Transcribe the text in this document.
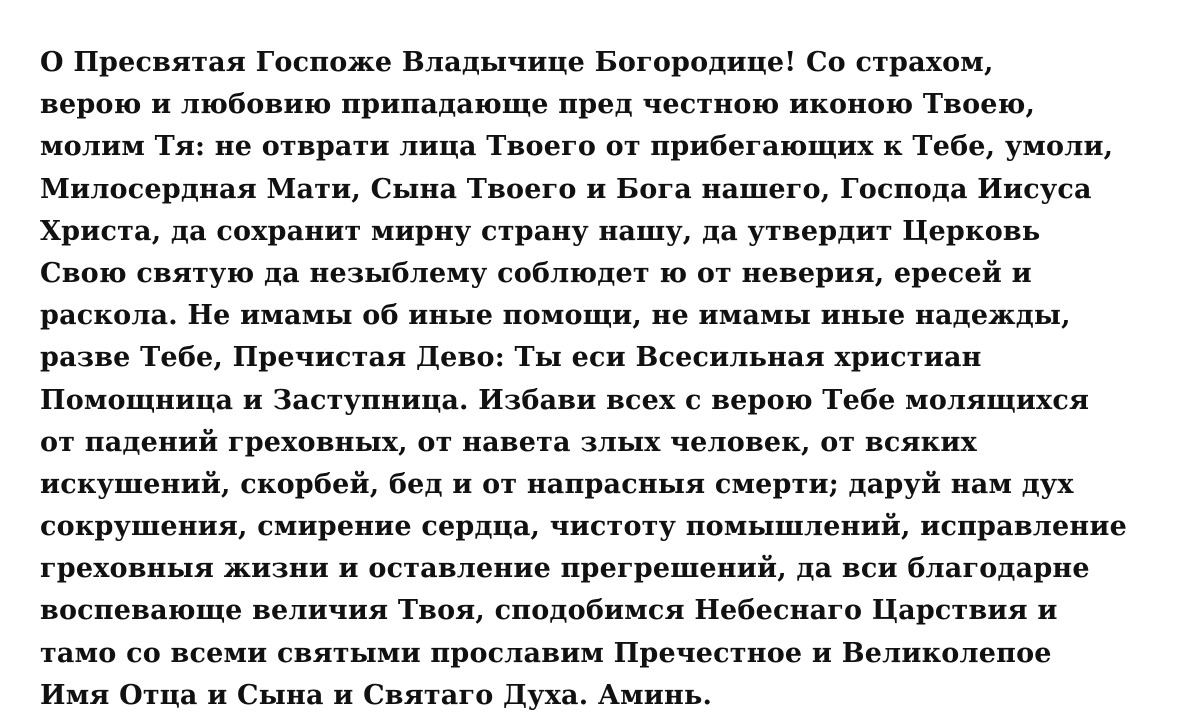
О Пресвятая Госпоже Владычице Богородице! Со страхом,
верою и любовию припадающе пред честною иконою Твоею,
молим Тя: не отврати лица Твоего от прибегающих к Тебе, умоли,
Милосердная Мати, Сына Твоего и Бога нашего, Господа Иисуса
Христа, да сохранит мирну страну нашу, да утвердит Церковь
Свою святую да незыблему соблюдет ю от неверия, ересей и
раскола. Не имамы об иные помощи, не имамы иные надежды,
разве Тебе, Пречистая Дево: Ты еси Всесильная христиан
Помощница и Заступница. Избави всех с верою Тебе молящихся
от падений греховных, от навета злых человек, от всяких
искушений, скорбей, бед и от напрасныя смерти; даруй нам дух
сокрушения, смирение сердца, чистоту помышлений, исправление
греховныя жизни и оставление прегрешений, да вси благодарне
воспевающе величия Твоя, сподобимся Небеснаго Царствия и
тамо со всеми святыми прославим Пречестное и Великолепое
Имя Отца и Сына и Святаго Духа. Аминь.
